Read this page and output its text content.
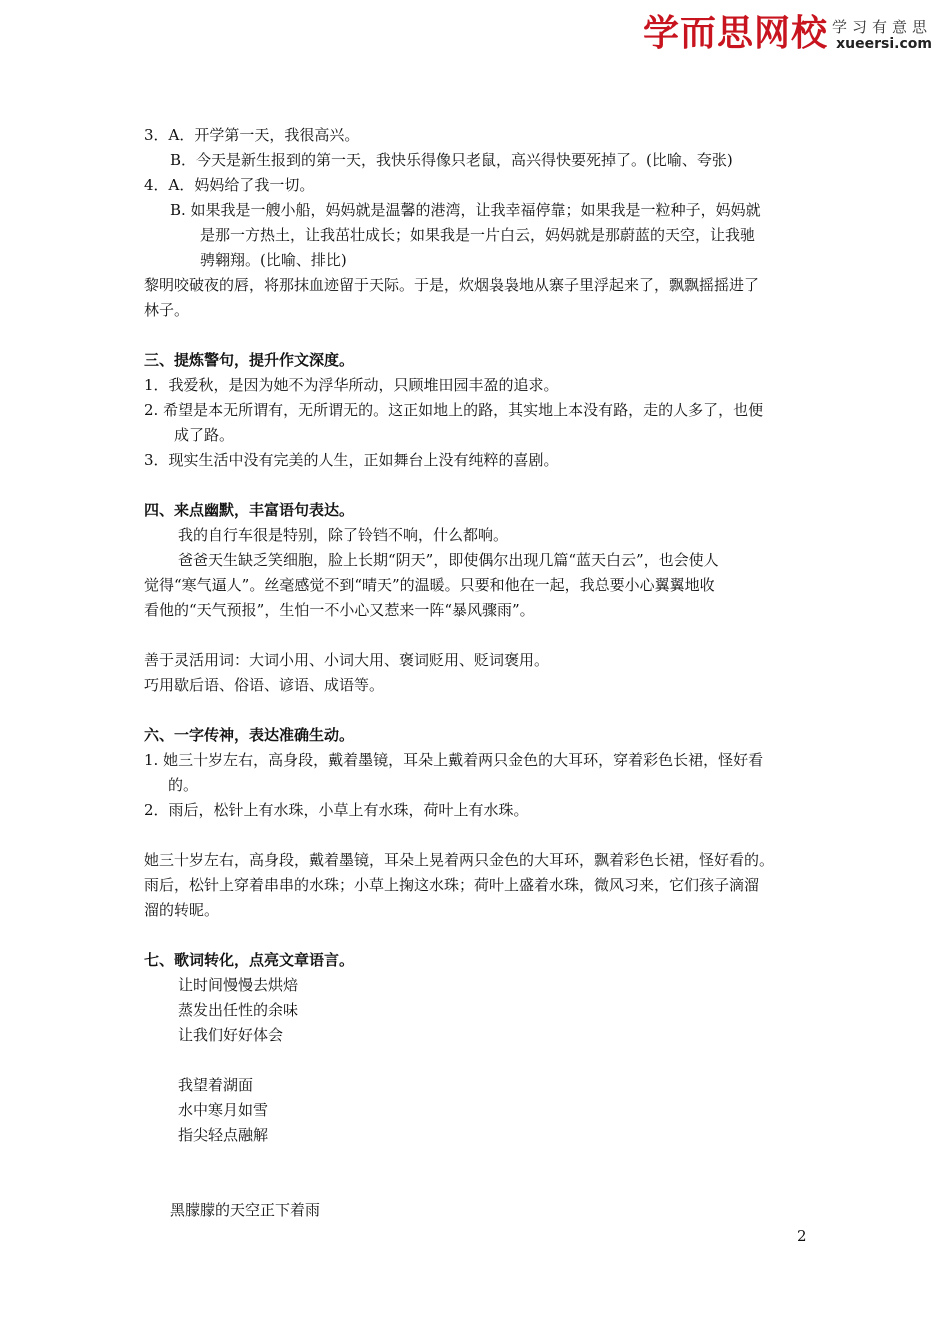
学而思网校 学习有意思
xueersi.com
3．A．开学第一天，我很高兴。
B．今天是新生报到的第一天，我快乐得像只老鼠，高兴得快要死掉了。(比喻、夸张)
4．A．妈妈给了我一切。
B. 如果我是一艘小船，妈妈就是温馨的港湾，让我幸福停靠；如果我是一粒种子，妈妈就
是那一方热土，让我茁壮成长；如果我是一片白云，妈妈就是那蔚蓝的天空，让我驰
骋翱翔。(比喻、排比)
黎明咬破夜的唇，将那抹血迹留于天际。于是，炊烟袅袅地从寨子里浮起来了，飘飘摇摇进了
林子。
三、提炼警句，提升作文深度。
1．我爱秋，是因为她不为浮华所动，只顾堆田园丰盈的追求。
2. 希望是本无所谓有，无所谓无的。这正如地上的路，其实地上本没有路，走的人多了，也便
成了路。
3．现实生活中没有完美的人生，正如舞台上没有纯粹的喜剧。
四、来点幽默，丰富语句表达。
我的自行车很是特别，除了铃铛不响，什么都响。
爸爸天生缺乏笑细胞，脸上长期“阴天”，即使偶尔出现几篇“蓝天白云”，也会使人
觉得“寒气逼人”。丝毫感觉不到“晴天”的温暖。只要和他在一起，我总要小心翼翼地收
看他的“天气预报”，生怕一不小心又惹来一阵“暴风骤雨”。
善于灵活用词：大词小用、小词大用、褒词贬用、贬词褒用。
巧用歇后语、俗语、谚语、成语等。
六、一字传神，表达准确生动。
1. 她三十岁左右，高身段，戴着墨镜，耳朵上戴着两只金色的大耳环，穿着彩色长裙，怪好看
的。
2．雨后，松针上有水珠，小草上有水珠，荷叶上有水珠。
她三十岁左右，高身段，戴着墨镜，耳朵上晃着两只金色的大耳环，飘着彩色长裙，怪好看的。
雨后，松针上穿着串串的水珠；小草上掬这水珠；荷叶上盛着水珠，微风习来，它们孩子滴溜
溜的转昵。
七、歌词转化，点亮文章语言。
让时间慢慢去烘焙
蒸发出任性的余味
让我们好好体会
我望着湖面
水中寒月如雪
指尖轻点融解
黑朦朦的天空正下着雨
2
